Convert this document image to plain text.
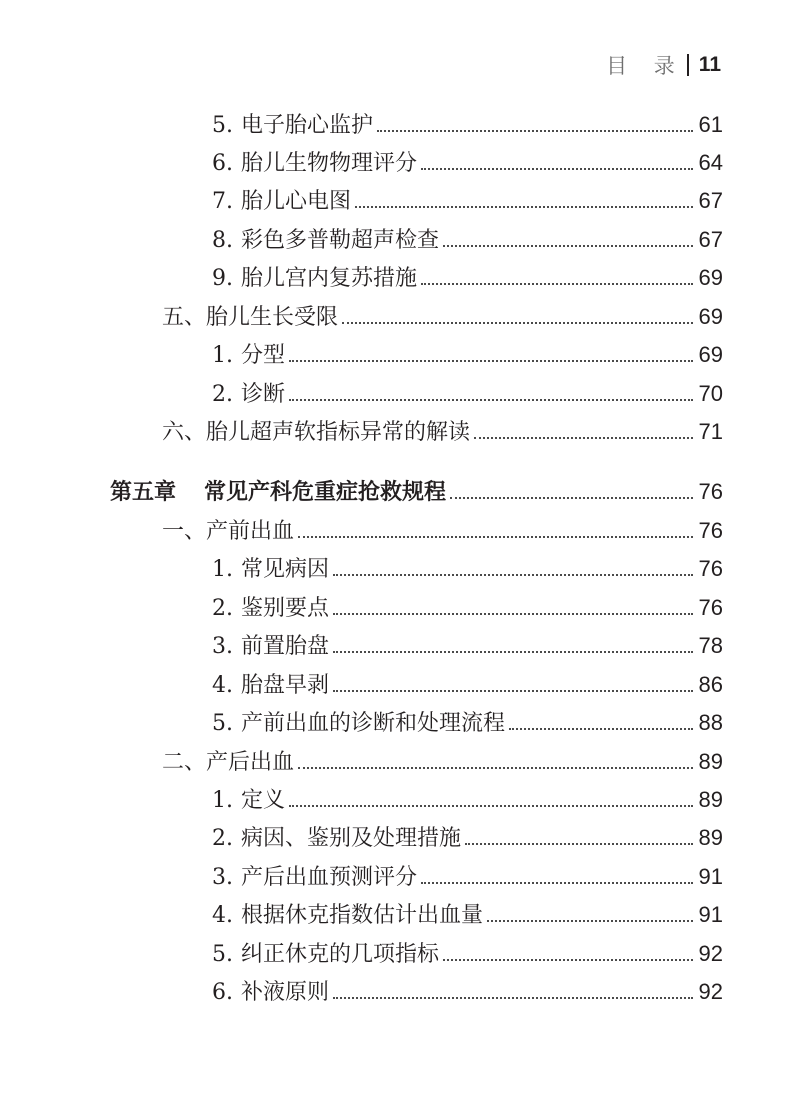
目 录 11
5. 电子胎心监护	61
6. 胎儿生物物理评分	64
7. 胎儿心电图	67
8. 彩色多普勒超声检查	67
9. 胎儿宫内复苏措施	69
五、胎儿生长受限	69
1. 分型	69
2. 诊断	70
六、胎儿超声软指标异常的解读	71
第五章 常见产科危重症抢救规程	76
一、产前出血	76
1. 常见病因	76
2. 鉴别要点	76
3. 前置胎盘	78
4. 胎盘早剥	86
5. 产前出血的诊断和处理流程	88
二、产后出血	89
1. 定义	89
2. 病因、鉴别及处理措施	89
3. 产后出血预测评分	91
4. 根据休克指数估计出血量	91
5. 纠正休克的几项指标	92
6. 补液原则	92
